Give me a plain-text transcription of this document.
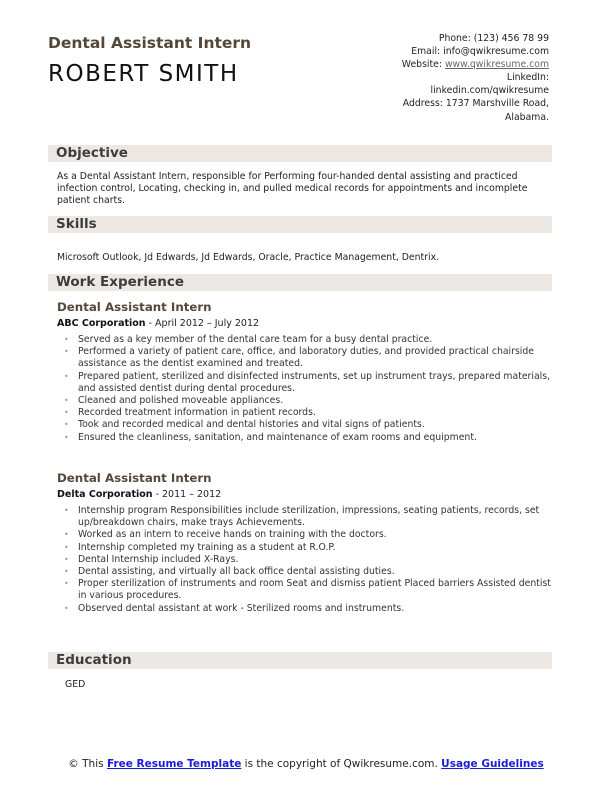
Dental Assistant Intern
ROBERT SMITH
Phone: (123) 456 78 99
Email: info@qwikresume.com
Website: www.qwikresume.com
LinkedIn:
linkedin.com/qwikresume
Address: 1737 Marshville Road,
Alabama.
Objective
As a Dental Assistant Intern, responsible for Performing four-handed dental assisting and practiced infection control, Locating, checking in, and pulled medical records for appointments and incomplete patient charts.
Skills
Microsoft Outlook, Jd Edwards, Jd Edwards, Oracle, Practice Management, Dentrix.
Work Experience
Dental Assistant Intern
ABC Corporation - April 2012 – July 2012
• Served as a key member of the dental care team for a busy dental practice.
• Performed a variety of patient care, office, and laboratory duties, and provided practical chairside assistance as the dentist examined and treated.
• Prepared patient, sterilized and disinfected instruments, set up instrument trays, prepared materials, and assisted dentist during dental procedures.
• Cleaned and polished moveable appliances.
• Recorded treatment information in patient records.
• Took and recorded medical and dental histories and vital signs of patients.
• Ensured the cleanliness, sanitation, and maintenance of exam rooms and equipment.
Dental Assistant Intern
Delta Corporation - 2011 – 2012
• Internship program Responsibilities include sterilization, impressions, seating patients, records, set up/breakdown chairs, make trays Achievements.
• Worked as an intern to receive hands on training with the doctors.
• Internship completed my training as a student at R.O.P.
• Dental Internship included X-Rays.
• Dental assisting, and virtually all back office dental assisting duties.
• Proper sterilization of instruments and room Seat and dismiss patient Placed barriers Assisted dentist in various procedures.
• Observed dental assistant at work - Sterilized rooms and instruments.
Education
GED
© This Free Resume Template is the copyright of Qwikresume.com. Usage Guidelines
